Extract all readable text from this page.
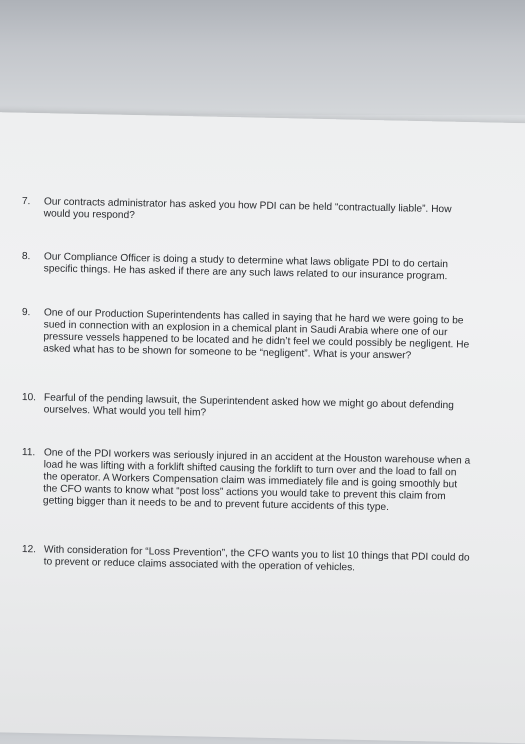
7.	Our contracts administrator has asked you how PDI can be held “contractually liable”. How
would you respond?
8.	Our Compliance Officer is doing a study to determine what laws obligate PDI to do certain
specific things. He has asked if there are any such laws related to our insurance program.
9.	One of our Production Superintendents has called in saying that he hard we were going to be
sued in connection with an explosion in a chemical plant in Saudi Arabia where one of our
pressure vessels happened to be located and he didn’t feel we could possibly be negligent. He
asked what has to be shown for someone to be “negligent”. What is your answer?
10. Fearful of the pending lawsuit, the Superintendent asked how we might go about defending
ourselves. What would you tell him?
11. One of the PDI workers was seriously injured in an accident at the Houston warehouse when a
load he was lifting with a forklift shifted causing the forklift to turn over and the load to fall on
the operator. A Workers Compensation claim was immediately file and is going smoothly but
the CFO wants to know what “post loss” actions you would take to prevent this claim from
getting bigger than it needs to be and to prevent future accidents of this type.
12. With consideration for “Loss Prevention”, the CFO wants you to list 10 things that PDI could do
to prevent or reduce claims associated with the operation of vehicles.
